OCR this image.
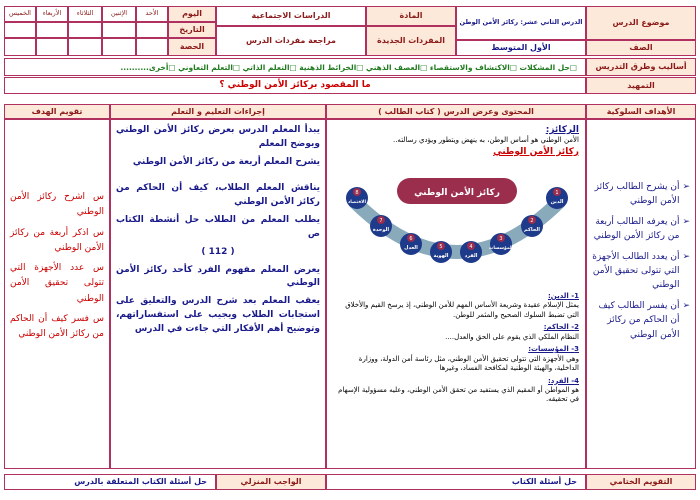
موضوع الدرس
الدرس الثاني عشر: ركائز الأمن الوطن
المادة
الدراسات الاجتماعية
اليوم
الأحد
الإثنين
الثلاثاء
الأربعاء
الخميس
التاريخ
الحصة
المفردات الجديدة
مراجعة مفردات الدرس
الصف
الأول المتوسط
أساليب وطرق التدريس
□حل المشكلات □الاكتشاف والاستقصاء □العصف الذهني □الخرائط الذهنية □التعلم الذاتي □التعلم التعاوني □أخرى..........
التمهيد
ما المقصود بركائز الأمن الوطني ؟
الأهداف السلوكية
المحتوى وعرض الدرس ( كتاب الطالب )
إجراءات التعليم و التعلم
تقويم الهدف
➢
أن يشرح الطالب ركائز الأمن الوطني
➢
أن يعرفه الطالب أربعة من ركائز الأمن الوطني
➢
أن يعدد الطالب الأجهزة التي تتولى تحقيق الأمن الوطني
➢
أن يفسر الطالب كيف أن الحاكم من ركائز الأمن الوطني
الركائز:
الأمن الوطني هو أساس الوطن، به ينهض ويتطور ويؤدي رسالته..
ركائز الأمن الوطني
ركائز الأمن الوطني	1
الدين
2
الحاكم
3
المؤسسات
4
الفرد
5
الهوية
6
العدل
7
الوحدة
8
الاقتصاد
1- الدين:
يمثل الإسلام عقيدة وشريعة الأساس المهم للأمن الوطني، إذ يرسخ القيم والأخلاق التي تضبط السلوك الصحيح والمثمر للوطن.
2- الحاكم:
النظام الملكي الذي يقوم على الحق والعدل....
3- المؤسسات:
وهي الأجهزة التي تتولى تحقيق الأمن الوطني، مثل رئاسة أمن الدولة، ووزارة الداخلية، والهيئة الوطنية لمكافحة الفساد، وغيرها
4- الفرد:
هو المواطن أو المقيم الذي يستفيد من تحقق الأمن الوطني، وعليه مسؤولية الإسهام في تحقيقه.

يبدأ المعلم الدرس بعرض ركائز الأمن الوطني ويوضح المعلم

يشرح المعلم أربعة من ركائز الأمن الوطني

يناقش المعلم الطلاب، كيف أن الحاكم من ركائز الأمن الوطني

يطلب المعلم من الطلاب حل أنشطة الكتاب ص

( 112 )

يعرض المعلم مفهوم الفرد كأحد ركائز الأمن الوطني

يعقب المعلم بعد شرح الدرس والتعليق على استجابات الطلاب ويجيب على استفساراتهم، وتوضيح أهم الأفكار التي جاءت في الدرس

س اشرح ركائز الأمن الوطني

س اذكر أربعة من ركائز الأمن الوطني

س عدد الأجهزة التي تتولى تحقيق الأمن الوطني

س فسر كيف أن الحاكم من ركائز الأمن الوطني

التقويم الختامي
حل أسئلة الكتاب
الواجب المنزلي
حل أسئلة الكتاب المتعلقة بالدرس
